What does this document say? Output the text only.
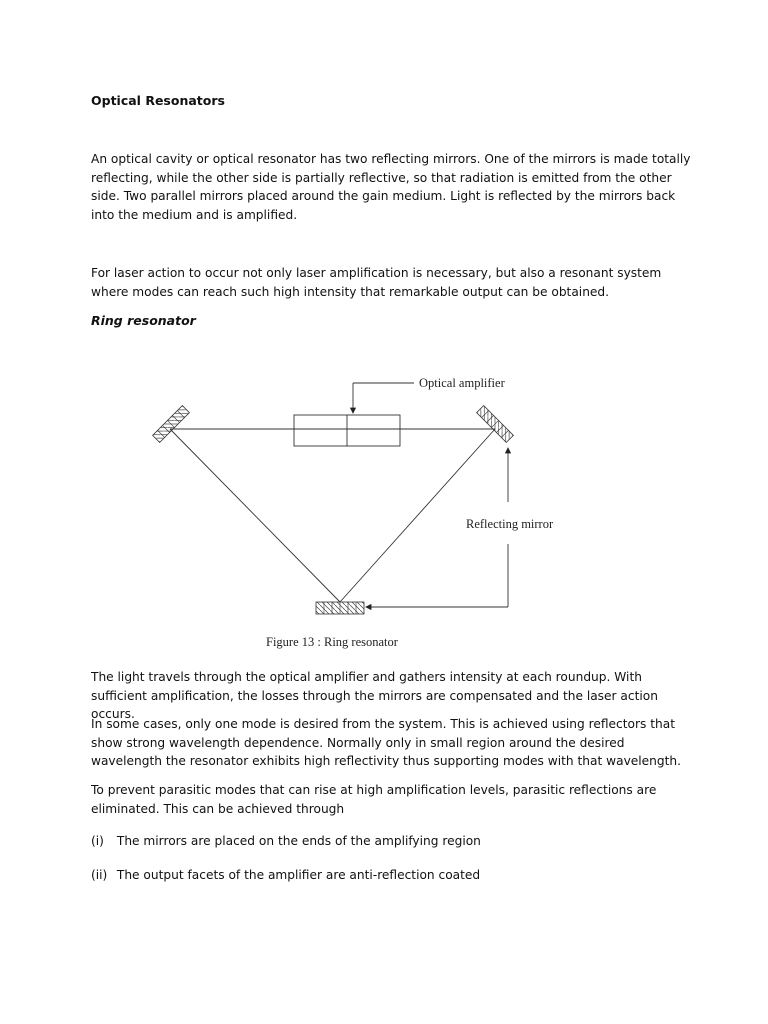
Optical Resonators

An optical cavity or optical resonator has two reflecting mirrors. One of the mirrors is made totally reflecting, while the other side is partially reflective, so that radiation is emitted from the other side. Two parallel mirrors placed around the gain medium. Light is reflected by the mirrors back into the medium and is amplified.

For laser action to occur not only laser amplification is necessary, but also a resonant system where modes can reach such high intensity that remarkable output can be obtained.

Ring resonator
Optical amplifier
Reflecting mirror
Figure 13 : Ring resonator

The light travels through the optical amplifier and gathers intensity at each roundup. With sufficient amplification, the losses through the mirrors are compensated and the laser action occurs.

In some cases, only one mode is desired from the system. This is achieved using reflectors that show strong wavelength dependence. Normally only in small region around the desired wavelength the resonator exhibits high reflectivity thus supporting modes with that wavelength.

To prevent parasitic modes that can rise at high amplification levels, parasitic reflections are eliminated. This can be achieved through

(i) The mirrors are placed on the ends of the amplifying region

(ii) The output facets of the amplifier are anti-reflection coated
